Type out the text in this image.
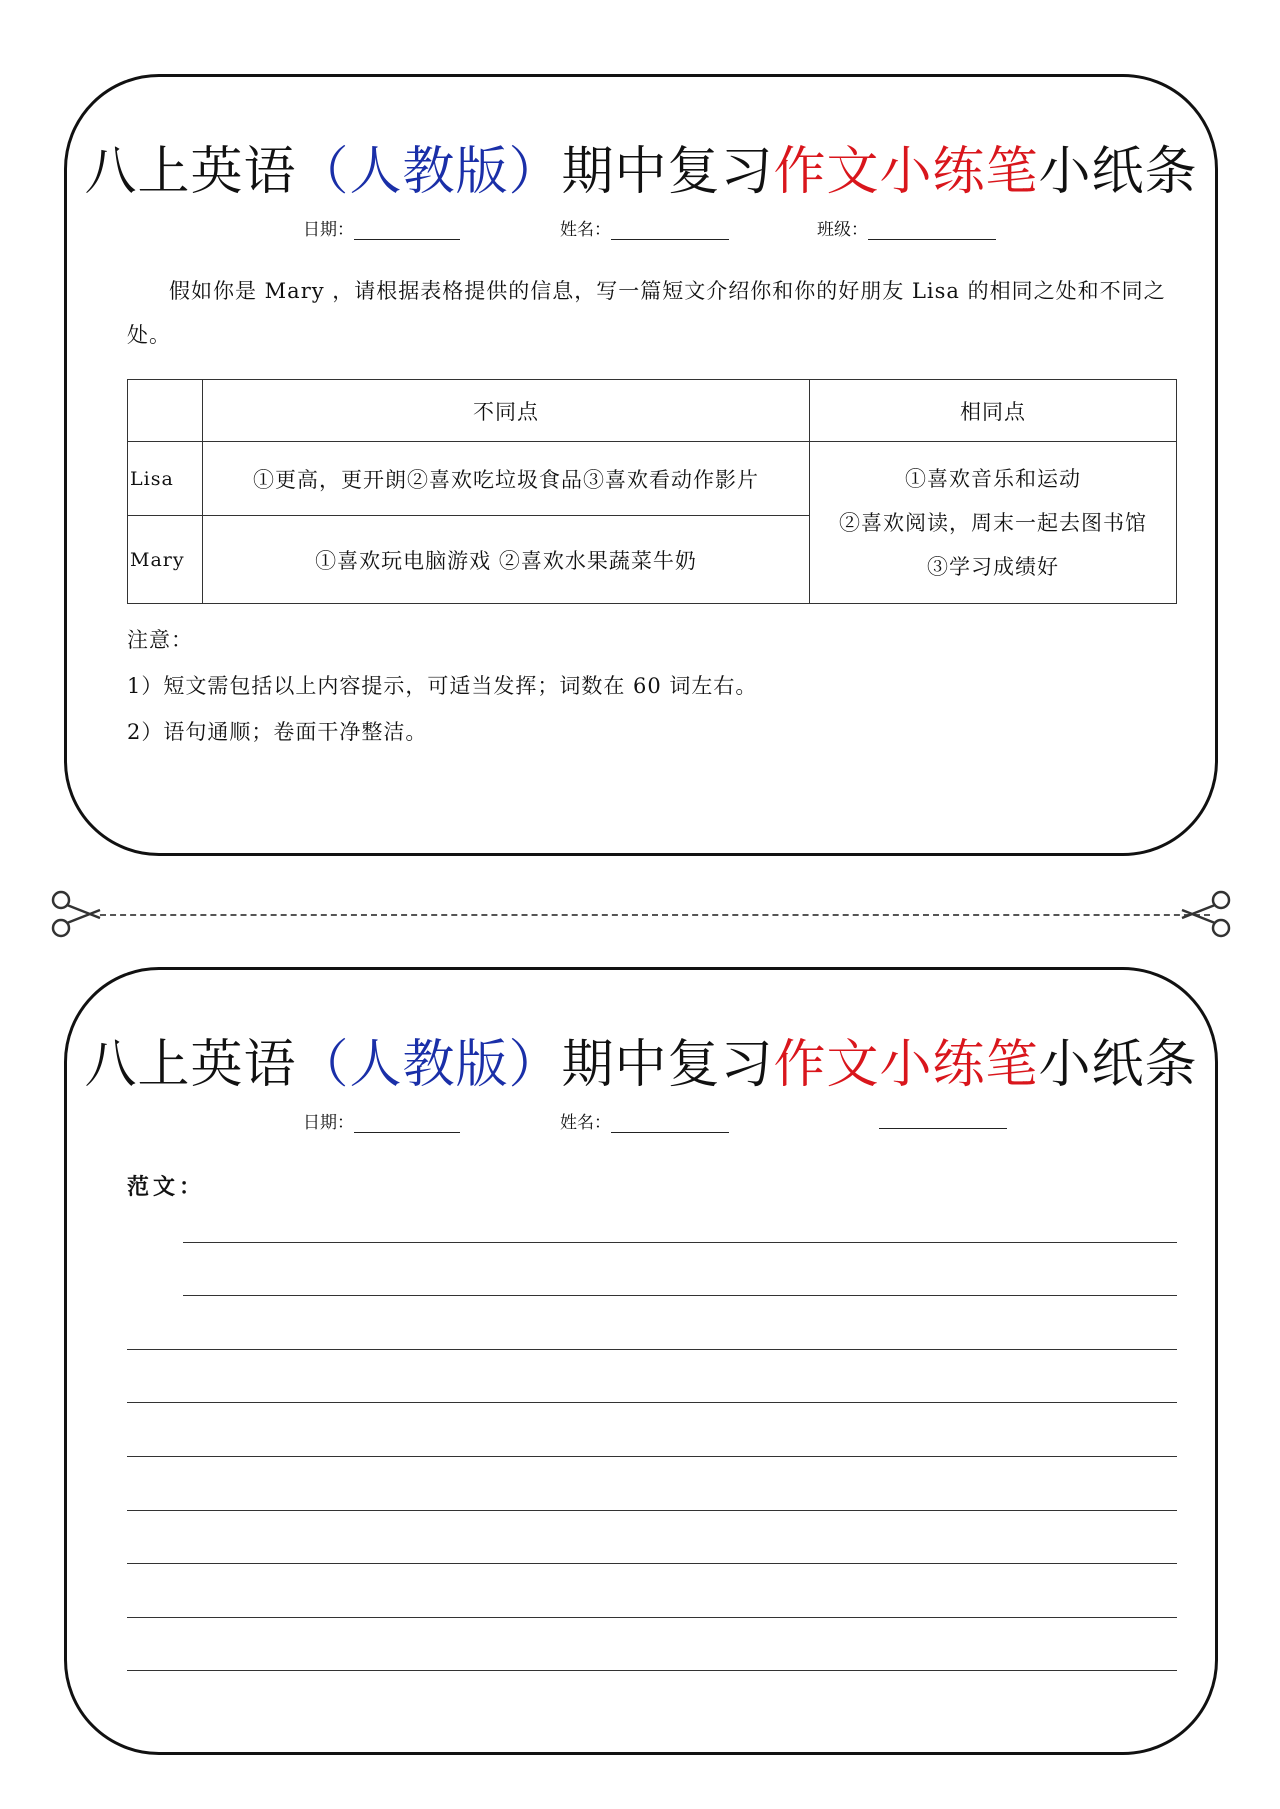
八上英语（人教版）期中复习作文小练笔小纸条
日期：	姓名：	班级：
假如你是 Mary ，请根据表格提供的信息，写一篇短文介绍你和你的好朋友 Lisa 的相同之处和不同之处。
	不同点	相同点
Lisa	①更高，更开朗②喜欢吃垃圾食品③喜欢看动作影片	①喜欢音乐和运动
②喜欢阅读，周末一起去图书馆
③学习成绩好

Mary	①喜欢玩电脑游戏 ②喜欢水果蔬菜牛奶	
注意：
1）短文需包括以上内容提示，可适当发挥；词数在 60 词左右。
2）语句通顺；卷面干净整洁。
八上英语（人教版）期中复习作文小练笔小纸条
日期：	姓名：
范文：
